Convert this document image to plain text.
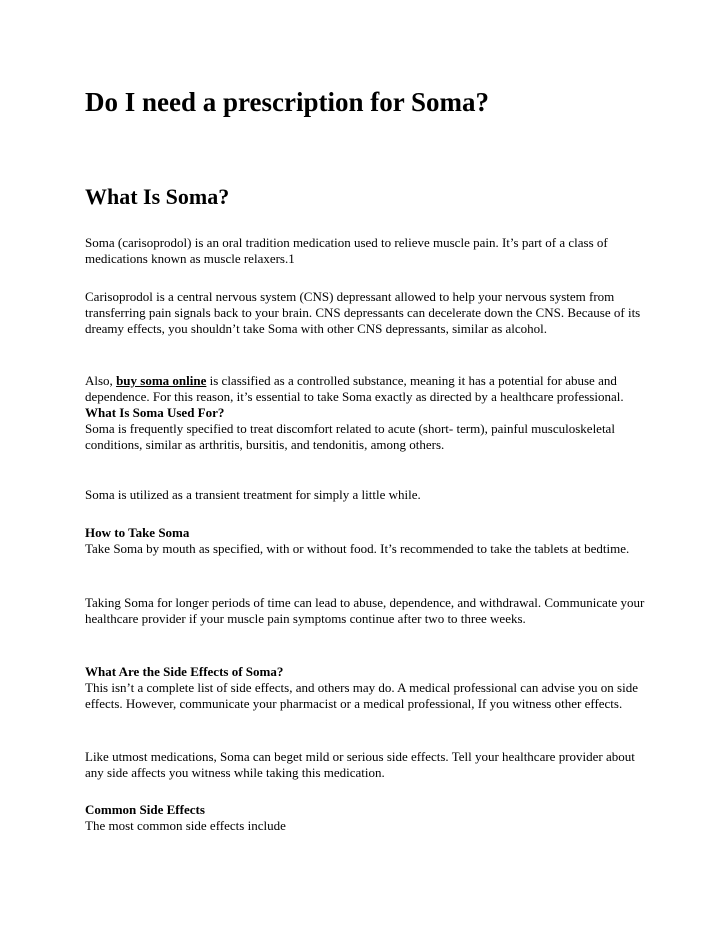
Do I need a prescription for Soma?
What Is Soma?

Soma (carisoprodol) is an oral tradition medication used to relieve muscle pain. It’s part of a class of medications known as muscle relaxers.1

Carisoprodol is a central nervous system (CNS) depressant allowed to help your nervous system from transferring pain signals back to your brain. CNS depressants can decelerate down the CNS. Because of its dreamy effects, you shouldn’t take Soma with other CNS depressants, similar as alcohol.

Also, buy soma online is classified as a controlled substance, meaning it has a potential for abuse and dependence. For this reason, it’s essential to take Soma exactly as directed by a healthcare professional.
What Is Soma Used For?
Soma is frequently specified to treat discomfort related to acute (short- term), painful musculoskeletal conditions, similar as arthritis, bursitis, and tendonitis, among others.

Soma is utilized as a transient treatment for simply a little while.

How to Take Soma
Take Soma by mouth as specified, with or without food. It’s recommended to take the tablets at bedtime.

Taking Soma for longer periods of time can lead to abuse, dependence, and withdrawal. Communicate your healthcare provider if your muscle pain symptoms continue after two to three weeks.

What Are the Side Effects of Soma?
This isn’t a complete list of side effects, and others may do. A medical professional can advise you on side effects. However, communicate your pharmacist or a medical professional, If you witness other effects.

Like utmost medications, Soma can beget mild or serious side effects. Tell your healthcare provider about any side affects you witness while taking this medication.

Common Side Effects
The most common side effects include
